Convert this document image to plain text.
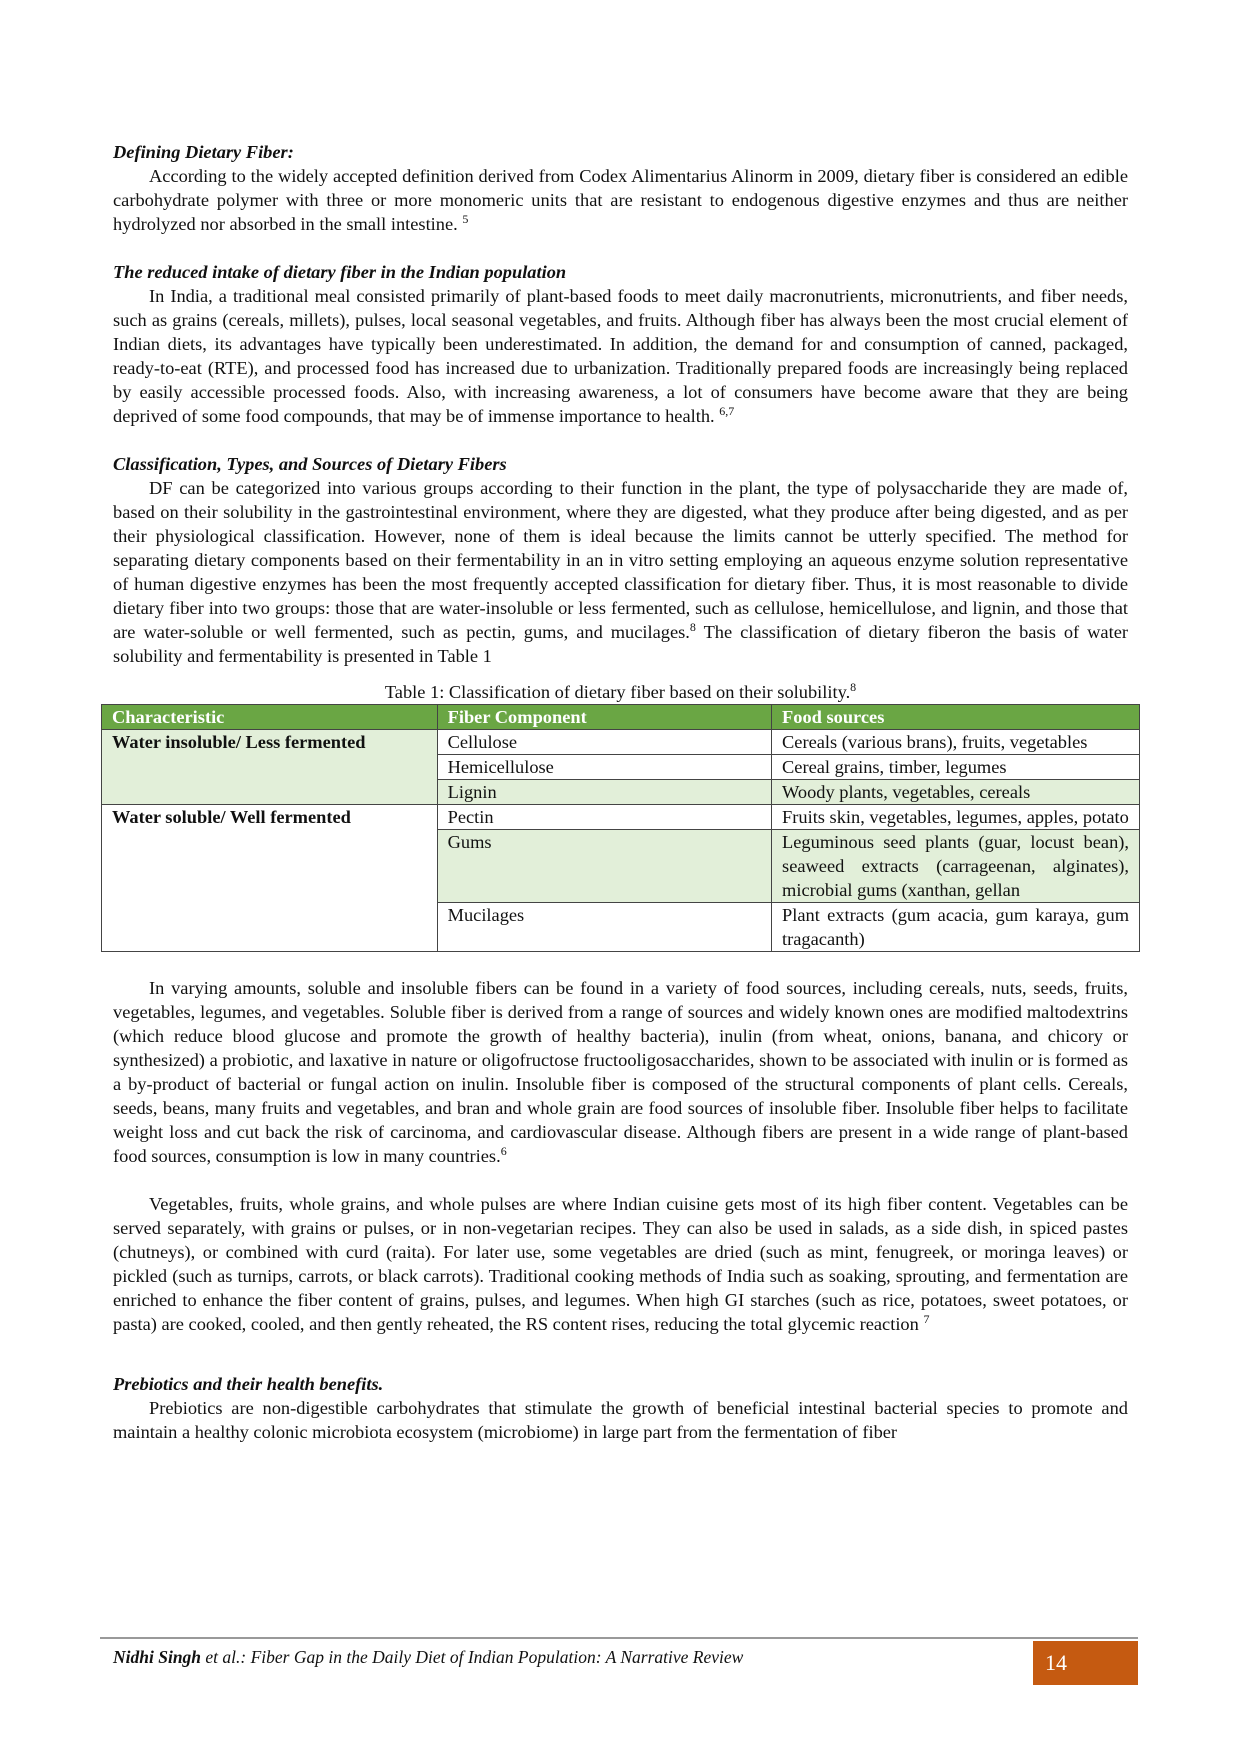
Defining Dietary Fiber:

According to the widely accepted definition derived from Codex Alimentarius Alinorm in 2009, dietary fiber is considered an edible carbohydrate polymer with three or more monomeric units that are resistant to endogenous digestive enzymes and thus are neither hydrolyzed nor absorbed in the small intestine. $^5$

The reduced intake of dietary fiber in the Indian population

In India, a traditional meal consisted primarily of plant-based foods to meet daily macronutrients, micronutrients, and fiber needs, such as grains (cereals, millets), pulses, local seasonal vegetables, and fruits. Although fiber has always been the most crucial element of Indian diets, its advantages have typically been underestimated. In addition, the demand for and consumption of canned, packaged, ready-to-eat (RTE), and processed food has increased due to urbanization. Traditionally prepared foods are increasingly being replaced by easily accessible processed foods. Also, with increasing awareness, a lot of consumers have become aware that they are being deprived of some food compounds, that may be of immense importance to health. $^{6,7}$

Classification, Types, and Sources of Dietary Fibers

DF can be categorized into various groups according to their function in the plant, the type of polysaccharide they are made of, based on their solubility in the gastrointestinal environment, where they are digested, what they produce after being digested, and as per their physiological classification. However, none of them is ideal because the limits cannot be utterly specified. The method for separating dietary components based on their fermentability in an in vitro setting employing an aqueous enzyme solution representative of human digestive enzymes has been the most frequently accepted classification for dietary fiber. Thus, it is most reasonable to divide dietary fiber into two groups: those that are water-insoluble or less fermented, such as cellulose, hemicellulose, and lignin, and those that are water-soluble or well fermented, such as pectin, gums, and mucilages.$^8$ The classification of dietary fiberon the basis of water solubility and fermentability is presented in Table 1

Table 1: Classification of dietary fiber based on their solubility.$^8$

Characteristic	Fiber Component	Food sources
Water insoluble/ Less fermented	Cellulose	Cereals (various brans), fruits, vegetables
	Hemicellulose	Cereal grains, timber, legumes
	Lignin	Woody plants, vegetables, cereals
Water soluble/ Well fermented	Pectin	Fruits skin, vegetables, legumes, apples, potato
	Gums	Leguminous seed plants (guar, locust bean), seaweed extracts (carrageenan, alginates), microbial gums (xanthan, gellan
	Mucilages	Plant extracts (gum acacia, gum karaya, gum tragacanth)

In varying amounts, soluble and insoluble fibers can be found in a variety of food sources, including cereals, nuts, seeds, fruits, vegetables, legumes, and vegetables. Soluble fiber is derived from a range of sources and widely known ones are modified maltodextrins (which reduce blood glucose and promote the growth of healthy bacteria), inulin (from wheat, onions, banana, and chicory or synthesized) a probiotic, and laxative in nature or oligofructose fructooligosaccharides, shown to be associated with inulin or is formed as a by-product of bacterial or fungal action on inulin. Insoluble fiber is composed of the structural components of plant cells. Cereals, seeds, beans, many fruits and vegetables, and bran and whole grain are food sources of insoluble fiber. Insoluble fiber helps to facilitate weight loss and cut back the risk of carcinoma, and cardiovascular disease. Although fibers are present in a wide range of plant-based food sources, consumption is low in many countries.$^6$

Vegetables, fruits, whole grains, and whole pulses are where Indian cuisine gets most of its high fiber content. Vegetables can be served separately, with grains or pulses, or in non-vegetarian recipes. They can also be used in salads, as a side dish, in spiced pastes (chutneys), or combined with curd (raita). For later use, some vegetables are dried (such as mint, fenugreek, or moringa leaves) or pickled (such as turnips, carrots, or black carrots). Traditional cooking methods of India such as soaking, sprouting, and fermentation are enriched to enhance the fiber content of grains, pulses, and legumes. When high GI starches (such as rice, potatoes, sweet potatoes, or pasta) are cooked, cooled, and then gently reheated, the RS content rises, reducing the total glycemic reaction $^7$

Prebiotics and their health benefits.

Prebiotics are non-digestible carbohydrates that stimulate the growth of beneficial intestinal bacterial species to promote and maintain a healthy colonic microbiota ecosystem (microbiome) in large part from the fermentation of fiber

Nidhi Singh et al.: Fiber Gap in the Daily Diet of Indian Population: A Narrative Review	14
